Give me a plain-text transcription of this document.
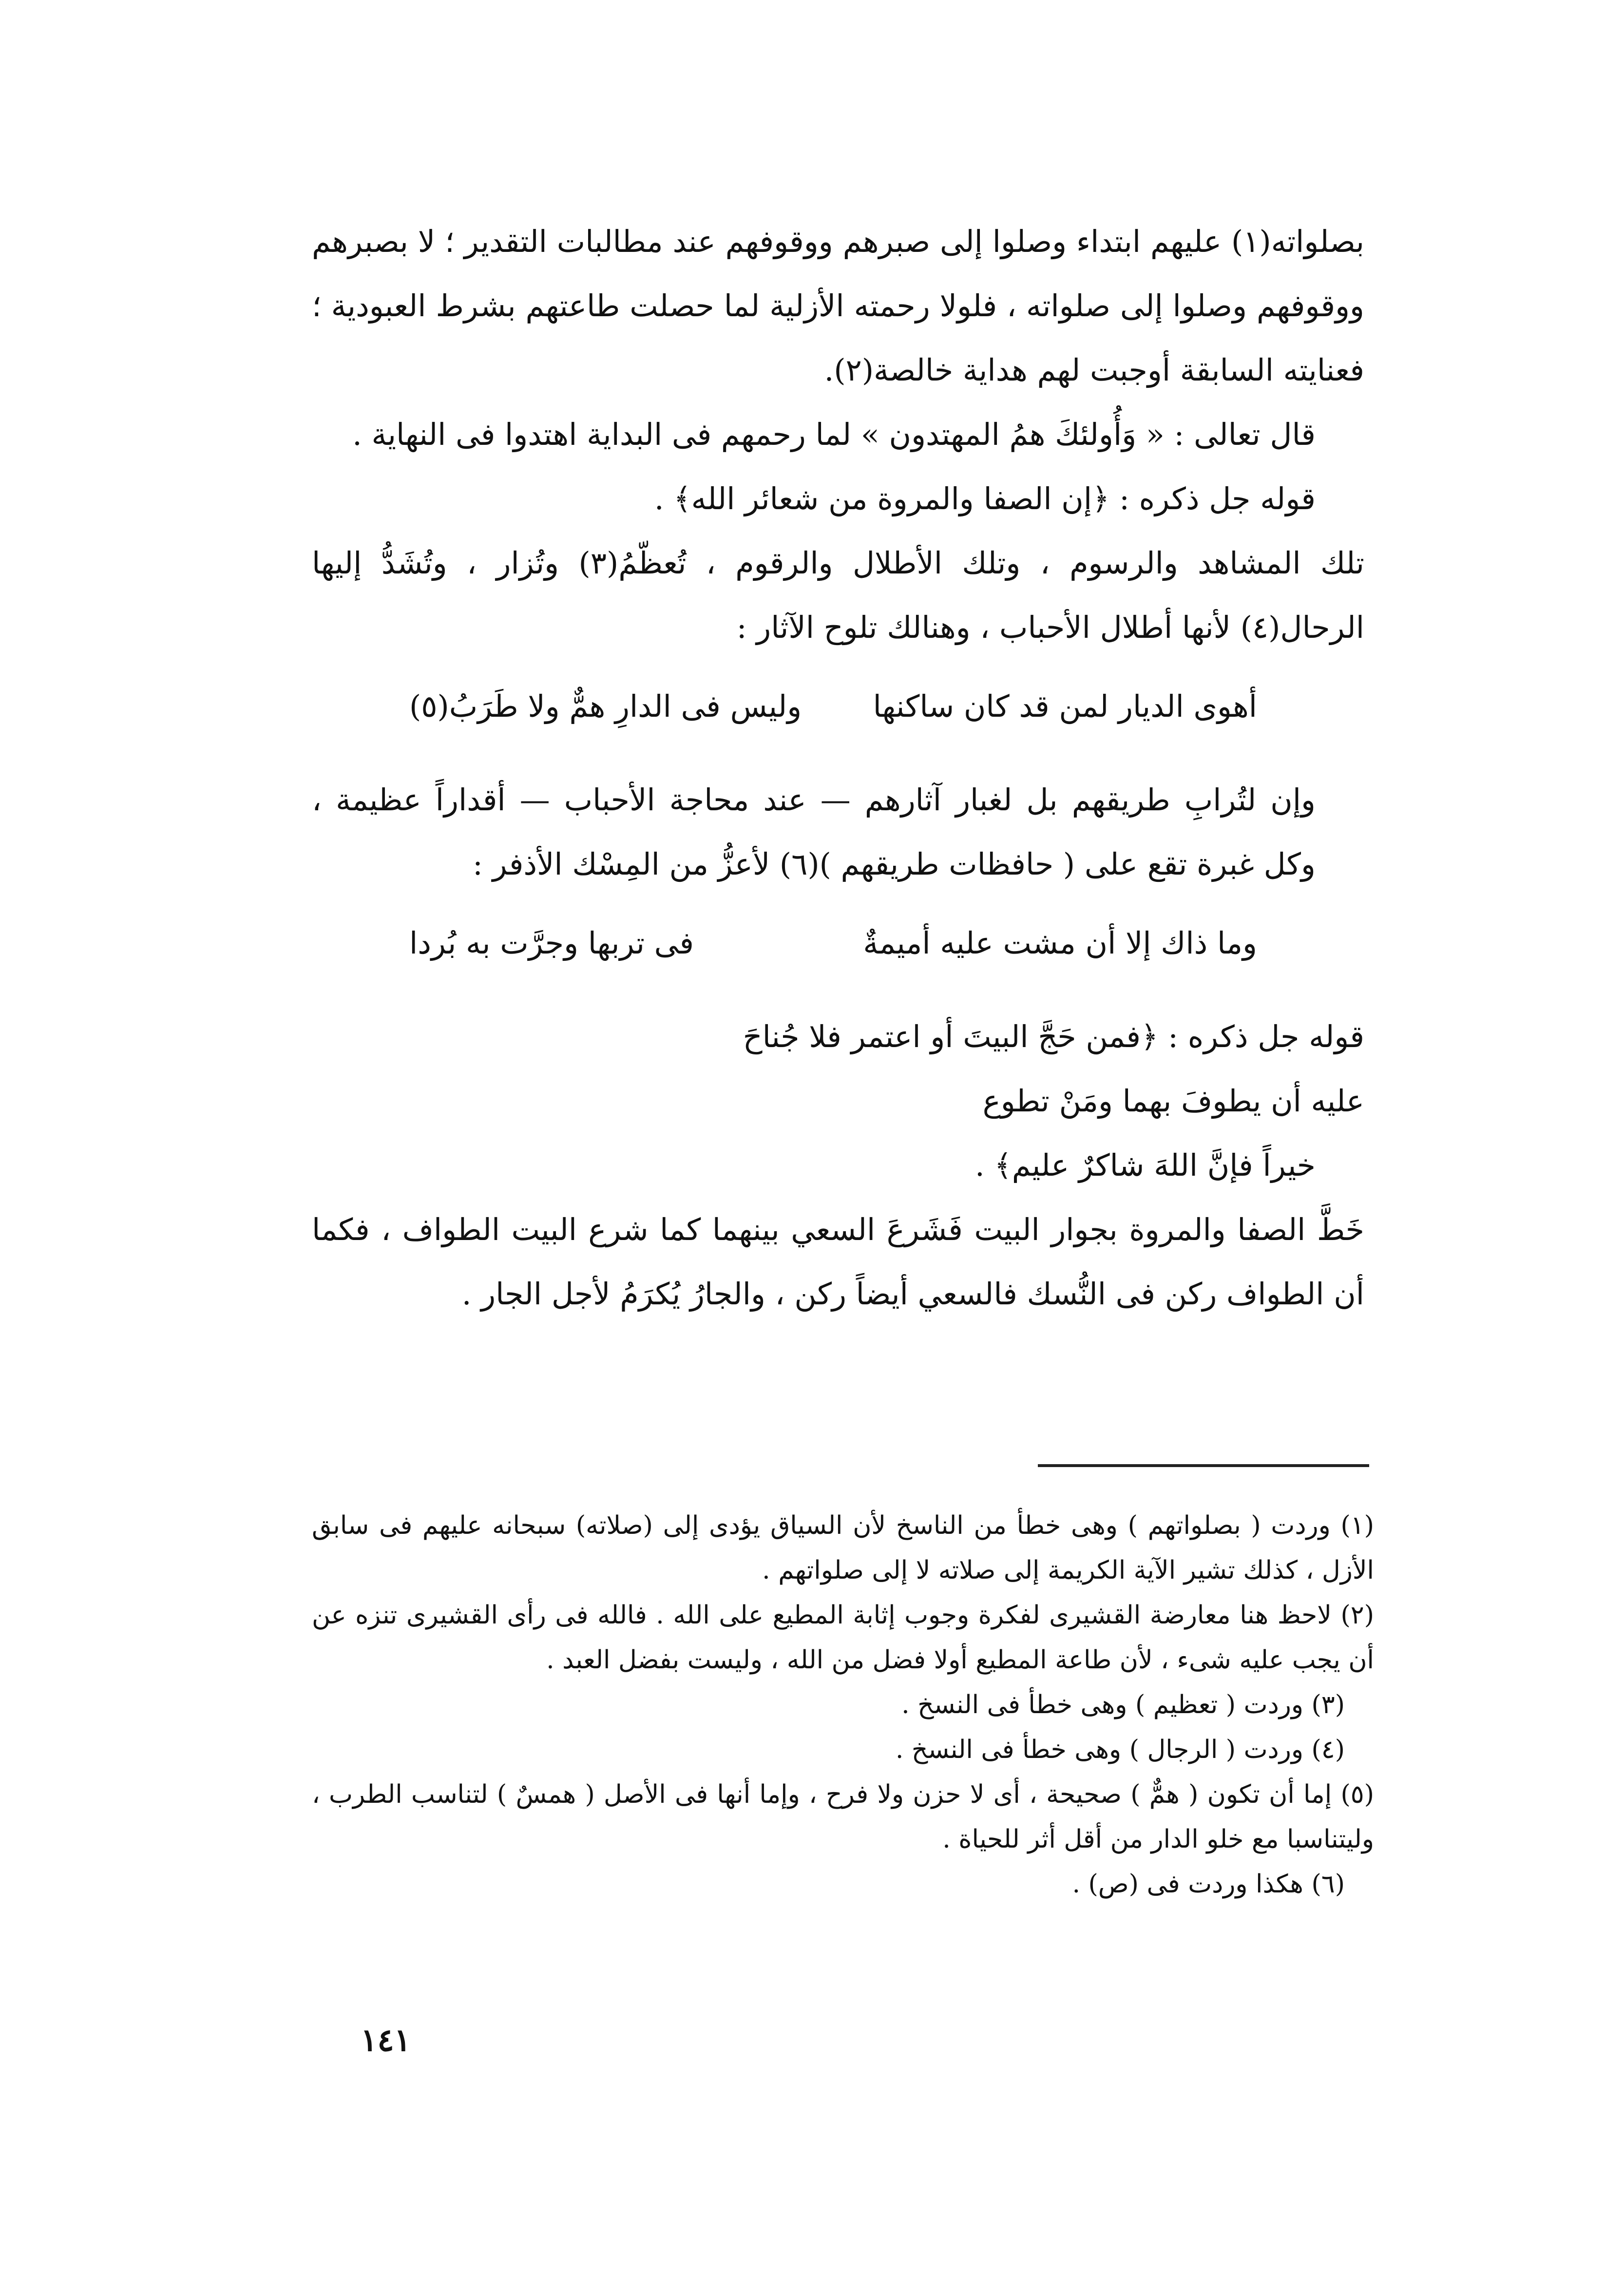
بصلواته(١) عليهم ابتداء وصلوا إلى صبرهم ووقوفهم عند مطالبات التقدير ؛ لا بصبرهم ووقوفهم وصلوا إلى صلواته ، فلولا رحمته الأزلية لما حصلت طاعتهم بشرط العبودية ؛ فعنايته السابقة أوجبت لهم هداية خالصة(٢).

قال تعالى : « وَأُولئكَ همُ المهتدون » لما رحمهم فى البداية اهتدوا فى النهاية .

قوله جل ذكره : ﴿إن الصفا والمروة من شعائر الله﴾ .

تلك المشاهد والرسوم ، وتلك الأطلال والرقوم ، تُعظّمُ(٣) وتُزار ، وتُشَدُّ إليها الرحال(٤) لأنها أطلال الأحباب ، وهنالك تلوح الآثار :

أهوى الديار لمن قد كان ساكنها
وليس فى الدارِ همٌّ ولا طَرَبُ(٥)

وإن لتُرابِ طريقهم بل لغبار آثارهم — عند محاجة الأحباب — أقداراً عظيمة ، وكل غبرة تقع على ( حافظات طريقهم )(٦) لأعزُّ من المِسْك الأذفر :

وما ذاك إلا أن مشت عليه أميمةٌ
فى تربها وجرَّت به بُردا

قوله جل ذكره : ﴿فمن حَجَّ البيتَ أو اعتمر فلا جُناحَ

عليه أن يطوفَ بهما ومَنْ تطوع

خيراً فإنَّ اللهَ شاكرٌ عليم﴾ .

خَطَّ الصفا والمروة بجوار البيت فَشَرعَ السعي بينهما كما شرع البيت الطواف ، فكما أن الطواف ركن فى النُّسك فالسعي أيضاً ركن ، والجارُ يُكرَمُ لأجل الجار .

(١) وردت ( بصلواتهم ) وهى خطأ من الناسخ لأن السياق يؤدى إلى (صلاته) سبحانه عليهم فى سابق الأزل ، كذلك تشير الآية الكريمة إلى صلاته لا إلى صلواتهم .

(٢) لاحظ هنا معارضة القشيرى لفكرة وجوب إثابة المطيع على الله . فالله فى رأى القشيرى تنزه عن أن يجب عليه شىء ، لأن طاعة المطيع أولا فضل من الله ، وليست بفضل العبد .

(٣) وردت ( تعظيم ) وهى خطأ فى النسخ .

(٤) وردت ( الرجال ) وهى خطأ فى النسخ .

(٥) إما أن تكون ( همٌّ ) صحيحة ، أى لا حزن ولا فرح ، وإما أنها فى الأصل ( همسٌ ) لتناسب الطرب ، وليتناسبا مع خلو الدار من أقل أثر للحياة .

(٦) هكذا وردت فى (ص) .

١٤١
